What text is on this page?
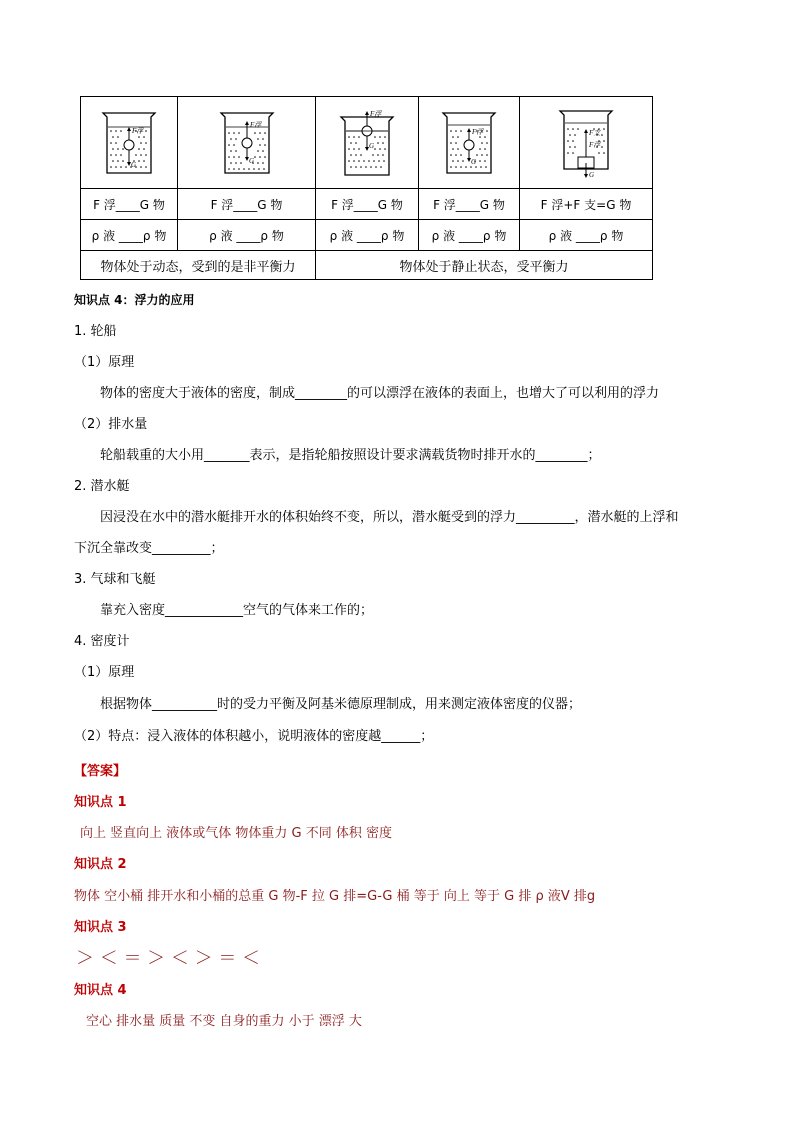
F浮
G	F浮
G	F浮
G	F浮
G	F支
F浮
G

F 浮____G 物	F 浮____G 物	F 浮____G 物	F 浮____G 物	F 浮+F 支=G 物
ρ 液 ____ρ 物	ρ 液 ____ρ 物	ρ 液 ____ρ 物	ρ 液 ____ρ 物	ρ 液 ____ρ 物
物体处于动态，受到的是非平衡力		物体处于静止状态，受平衡力		
知识点 4：浮力的应用
1. 轮船
（1）原理
物体的密度大于液体的密度，制成________的可以漂浮在液体的表面上，也增大了可以利用的浮力
（2）排水量
轮船载重的大小用_______表示，是指轮船按照设计要求满载货物时排开水的________；
2. 潜水艇
因浸没在水中的潜水艇排开水的体积始终不变，所以，潜水艇受到的浮力_________，潜水艇的上浮和
下沉全靠改变_________；
3. 气球和飞艇
靠充入密度____________空气的气体来工作的；
4. 密度计
（1）原理
根据物体__________时的受力平衡及阿基米德原理制成，用来测定液体密度的仪器；
（2）特点：浸入液体的体积越小，说明液体的密度越______；
【答案】
知识点 1
向上 竖直向上 液体或气体 物体重力 G 不同 体积 密度
知识点 2
物体 空小桶 排开水和小桶的总重 G 物-F 拉 G 排=G-G 桶 等于 向上 等于 G 排 ρ 液V 排g
知识点 3
＞ ＜ ＝ ＞ ＜ ＞ ＝ ＜
知识点 4
空心 排水量 质量 不变 自身的重力 小于 漂浮 大
